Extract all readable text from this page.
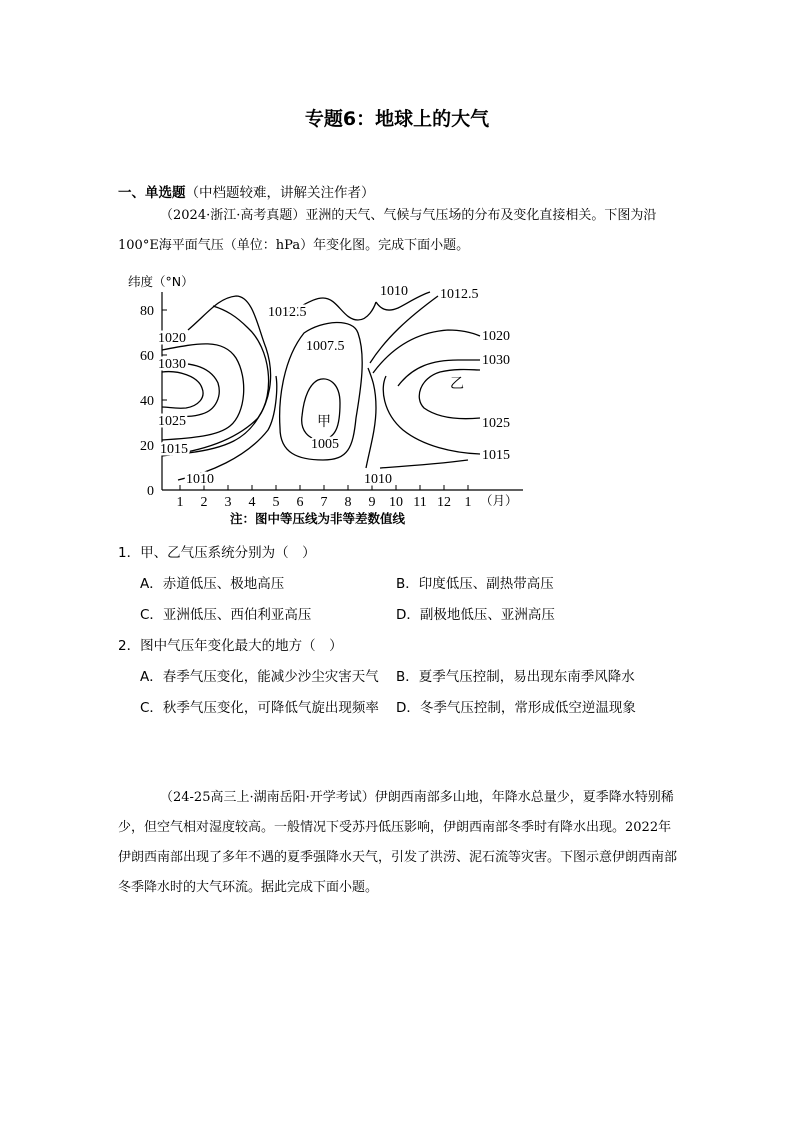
专题6：地球上的大气
一、单选题（中档题较难，讲解关注作者）
（2024·浙江·高考真题）亚洲的天气、气候与气压场的分布及变化直接相关。下图为沿100°E海平面气压（单位：hPa）年变化图。完成下面小题。
纬度（°N）
0
20
40
60
80
1 2 3 4 5 6 7 8 9 10 11 12 1 （月）
1012.5
1010 1012.5
1020
1030
1025
1015
1010
1007.5
1005
1020
1030
1025
1015
1010
甲
乙
注：图中等压线为非等差数值线
1．甲、乙气压系统分别为（　）
A．赤道低压、极地高压	B．印度低压、副热带高压
C．亚洲低压、西伯利亚高压	D．副极地低压、亚洲高压
2．图中气压年变化最大的地方（　）
A．春季气压变化，能减少沙尘灾害天气 B．夏季气压控制，易出现东南季风降水
C．秋季气压变化，可降低气旋出现频率 D．冬季气压控制，常形成低空逆温现象
（24-25高三上·湖南岳阳·开学考试）伊朗西南部多山地，年降水总量少，夏季降水特别稀少，但空气相对湿度较高。一般情况下受苏丹低压影响，伊朗西南部冬季时有降水出现。2022年伊朗西南部出现了多年不遇的夏季强降水天气，引发了洪涝、泥石流等灾害。下图示意伊朗西南部冬季降水时的大气环流。据此完成下面小题。
